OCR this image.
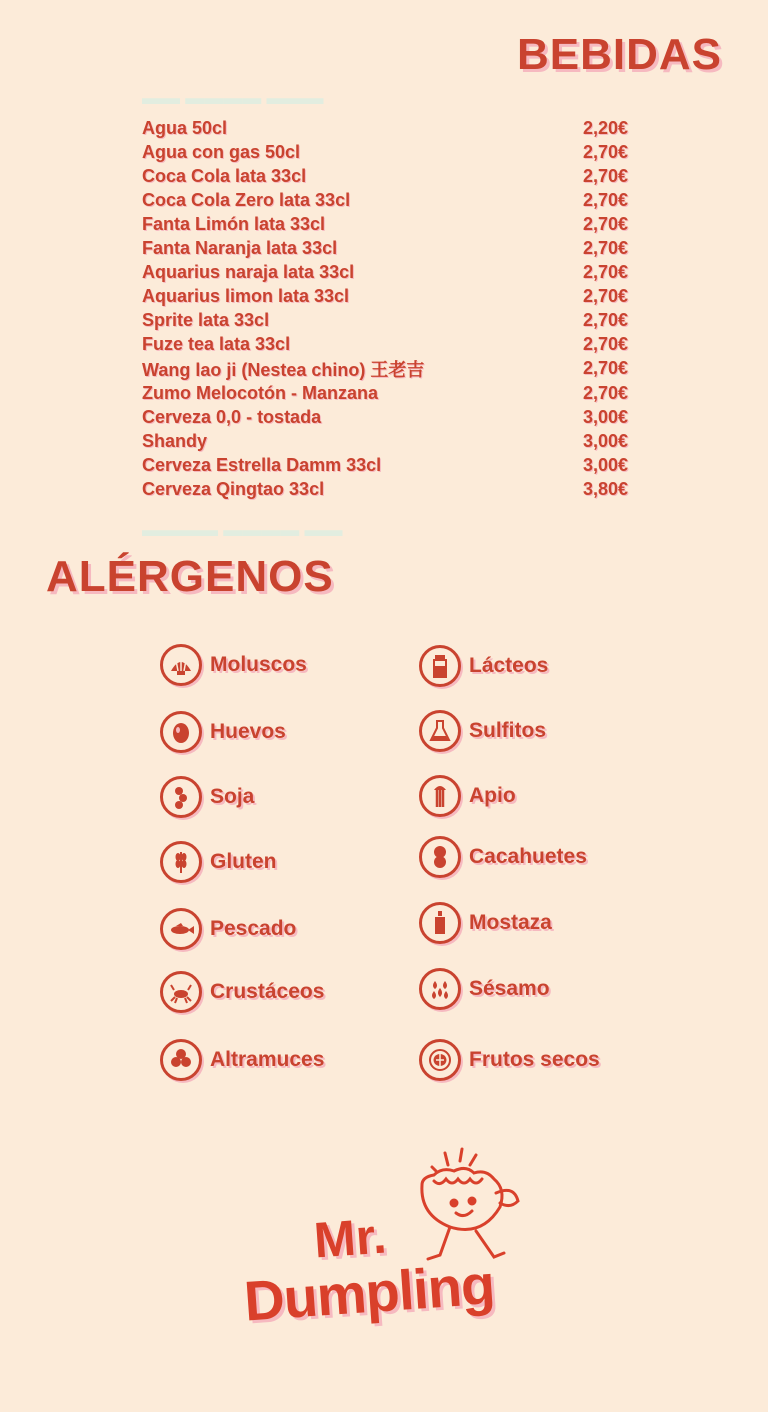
▬▬ ▬▬▬▬ ▬▬▬
▬▬▬▬ ▬▬▬▬ ▬▬
BEBIDAS
Agua 50cl	2,20€
Agua con gas 50cl	2,70€
Coca Cola lata 33cl	2,70€
Coca Cola Zero lata 33cl	2,70€
Fanta Limón lata 33cl	2,70€
Fanta Naranja lata 33cl	2,70€
Aquarius naraja lata 33cl	2,70€
Aquarius limon lata 33cl	2,70€
Sprite lata 33cl	2,70€
Fuze tea lata 33cl	2,70€
Wang lao ji (Nestea chino) 王老吉	2,70€
Zumo Melocotón - Manzana	2,70€
Cerveza 0,0 - tostada	3,00€
Shandy	3,00€
Cerveza Estrella Damm 33cl	3,00€
Cerveza Qingtao 33cl	3,80€
ALÉRGENOS
Moluscos
Huevos
Soja
Gluten
Pescado
Crustáceos
Altramuces
Lácteos
Sulfitos
Apio
Cacahuetes
Mostaza
Sésamo
Frutos secos
Mr.
Dumpling
